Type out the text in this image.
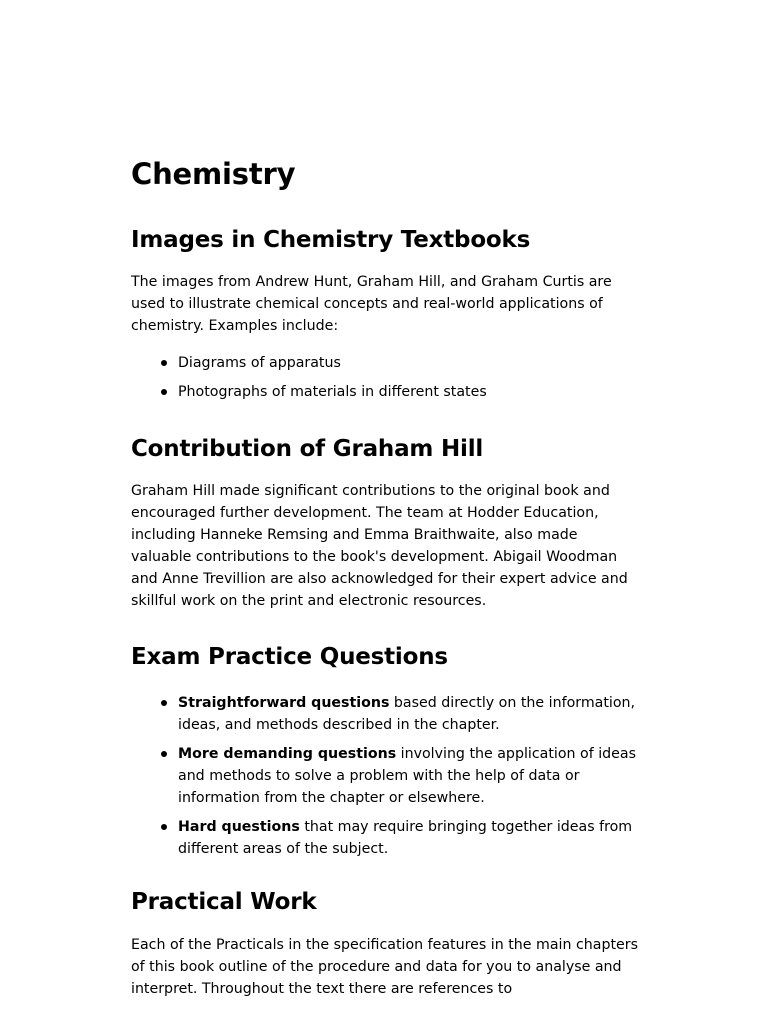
Chemistry
Images in Chemistry Textbooks

The images from Andrew Hunt, Graham Hill, and Graham Curtis are used to illustrate chemical concepts and real-world applications of chemistry. Examples include:

Diagrams of apparatus
Photographs of materials in different states
Contribution of Graham Hill

Graham Hill made significant contributions to the original book and encouraged further development. The team at Hodder Education, including Hanneke Remsing and Emma Braithwaite, also made valuable contributions to the book's development. Abigail Woodman and Anne Trevillion are also acknowledged for their expert advice and skillful work on the print and electronic resources.

Exam Practice Questions
Straightforward questions based directly on the information, ideas, and methods described in the chapter.
More demanding questions involving the application of ideas and methods to solve a problem with the help of data or information from the chapter or elsewhere.
Hard questions that may require bringing together ideas from different areas of the subject.
Practical Work

Each of the Practicals in the specification features in the main chapters of this book outline of the procedure and data for you to analyse and interpret. Throughout the text there are references to
